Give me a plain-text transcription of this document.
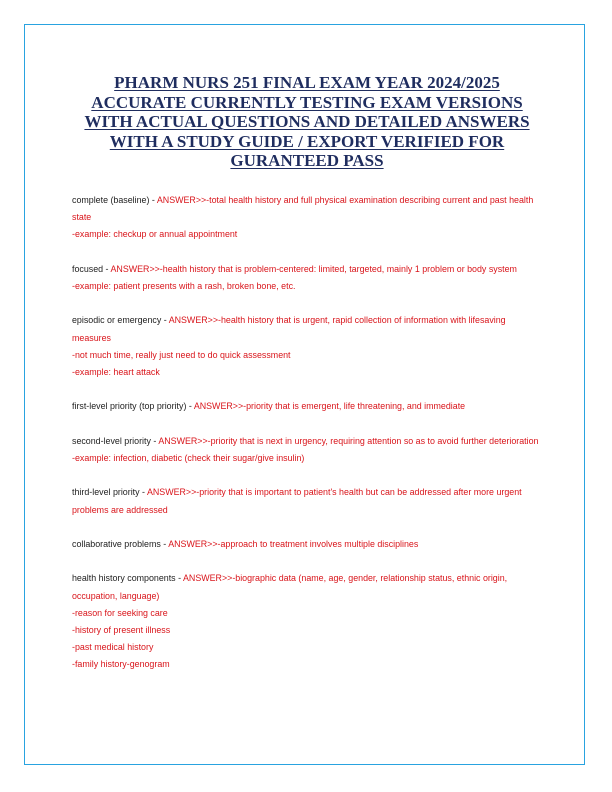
PHARM NURS 251 FINAL EXAM YEAR 2024/2025 ACCURATE CURRENTLY TESTING EXAM VERSIONS WITH ACTUAL QUESTIONS AND DETAILED ANSWERS WITH A STUDY GUIDE / EXPORT VERIFIED FOR GURANTEED PASS
complete (baseline) - ANSWER>>-total health history and full physical examination describing current and past health state
-example: checkup or annual appointment
focused - ANSWER>>-health history that is problem-centered: limited, targeted, mainly 1 problem or body system
-example: patient presents with a rash, broken bone, etc.
episodic or emergency - ANSWER>>-health history that is urgent, rapid collection of information with lifesaving measures
-not much time, really just need to do quick assessment
-example: heart attack
first-level priority (top priority) - ANSWER>>-priority that is emergent, life threatening, and immediate
second-level priority - ANSWER>>-priority that is next in urgency, requiring attention so as to avoid further deterioration
-example: infection, diabetic (check their sugar/give insulin)
third-level priority - ANSWER>>-priority that is important to patient's health but can be addressed after more urgent problems are addressed
collaborative problems - ANSWER>>-approach to treatment involves multiple disciplines
health history components - ANSWER>>-biographic data (name, age, gender, relationship status, ethnic origin, occupation, language)
-reason for seeking care
-history of present illness
-past medical history
-family history-genogram
